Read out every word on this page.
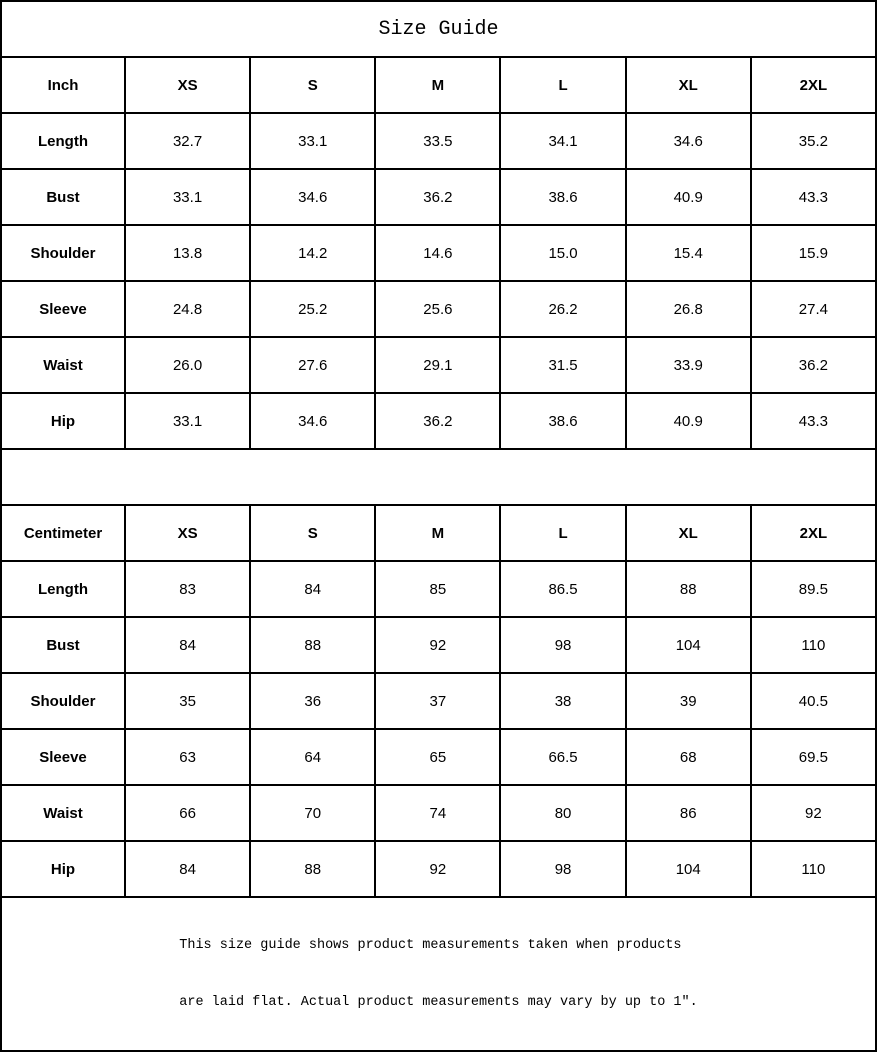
Size Guide						
Inch	XS	S	M	L	XL	2XL
Length	32.7	33.1	33.5	34.1	34.6	35.2
Bust	33.1	34.6	36.2	38.6	40.9	43.3
Shoulder	13.8	14.2	14.6	15.0	15.4	15.9
Sleeve	24.8	25.2	25.6	26.2	26.8	27.4
Waist	26.0	27.6	29.1	31.5	33.9	36.2
Hip	33.1	34.6	36.2	38.6	40.9	43.3

Centimeter	XS	S	M	L	XL	2XL
Length	83	84	85	86.5	88	89.5
Bust	84	88	92	98	104	110
Shoulder	35	36	37	38	39	40.5
Sleeve	63	64	65	66.5	68	69.5
Waist	66	70	74	80	86	92
Hip	84	88	92	98	104	110

This size guide shows product measurements taken when products

are laid flat. Actual product measurements may vary by up to 1″.						
